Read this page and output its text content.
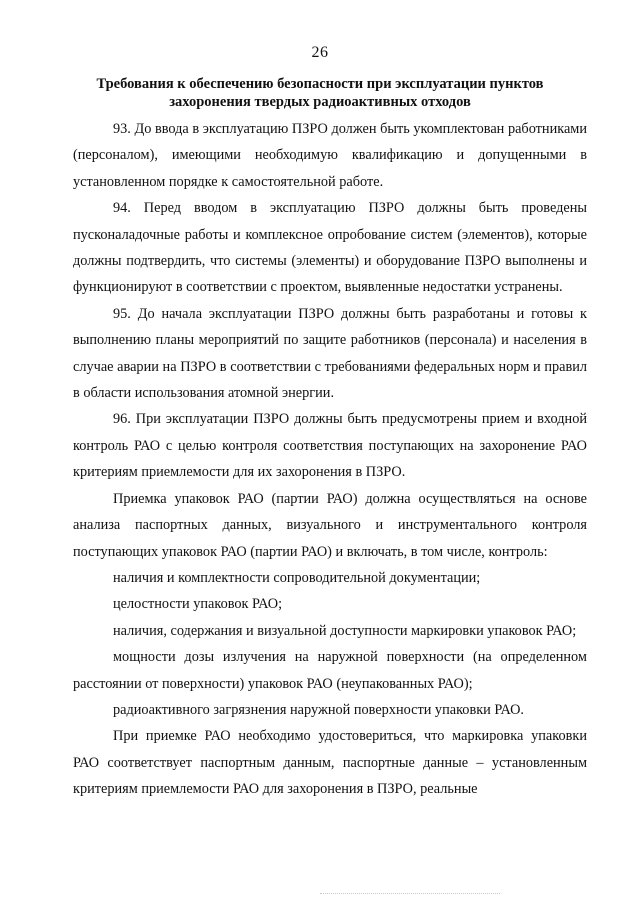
26
Требования к обеспечению безопасности при эксплуатации пунктов
захоронения твердых радиоактивных отходов

93. До ввода в эксплуатацию ПЗРО должен быть укомплектован работниками (персоналом), имеющими необходимую квалификацию и допущенными в установленном порядке к самостоятельной работе.

94. Перед вводом в эксплуатацию ПЗРО должны быть проведены пусконаладочные работы и комплексное опробование систем (элементов), которые должны подтвердить, что системы (элементы) и оборудование ПЗРО выполнены и функционируют в соответствии с проектом, выявленные недостатки устранены.

95. До начала эксплуатации ПЗРО должны быть разработаны и готовы к выполнению планы мероприятий по защите работников (персонала) и населения в случае аварии на ПЗРО в соответствии с требованиями федеральных норм и правил в области использования атомной энергии.

96. При эксплуатации ПЗРО должны быть предусмотрены прием и входной контроль РАО с целью контроля соответствия поступающих на захоронение РАО критериям приемлемости для их захоронения в ПЗРО.

Приемка упаковок РАО (партии РАО) должна осуществляться на основе анализа паспортных данных, визуального и инструментального контроля поступающих упаковок РАО (партии РАО) и включать, в том числе, контроль:

наличия и комплектности сопроводительной документации;

целостности упаковок РАО;

наличия, содержания и визуальной доступности маркировки упаковок РАО;

мощности дозы излучения на наружной поверхности (на определенном расстоянии от поверхности) упаковок РАО (неупакованных РАО);

радиоактивного загрязнения наружной поверхности упаковки РАО.

При приемке РАО необходимо удостовериться, что маркировка упаковки РАО соответствует паспортным данным, паспортные данные – установленным критериям приемлемости РАО для захоронения в ПЗРО, реальные
